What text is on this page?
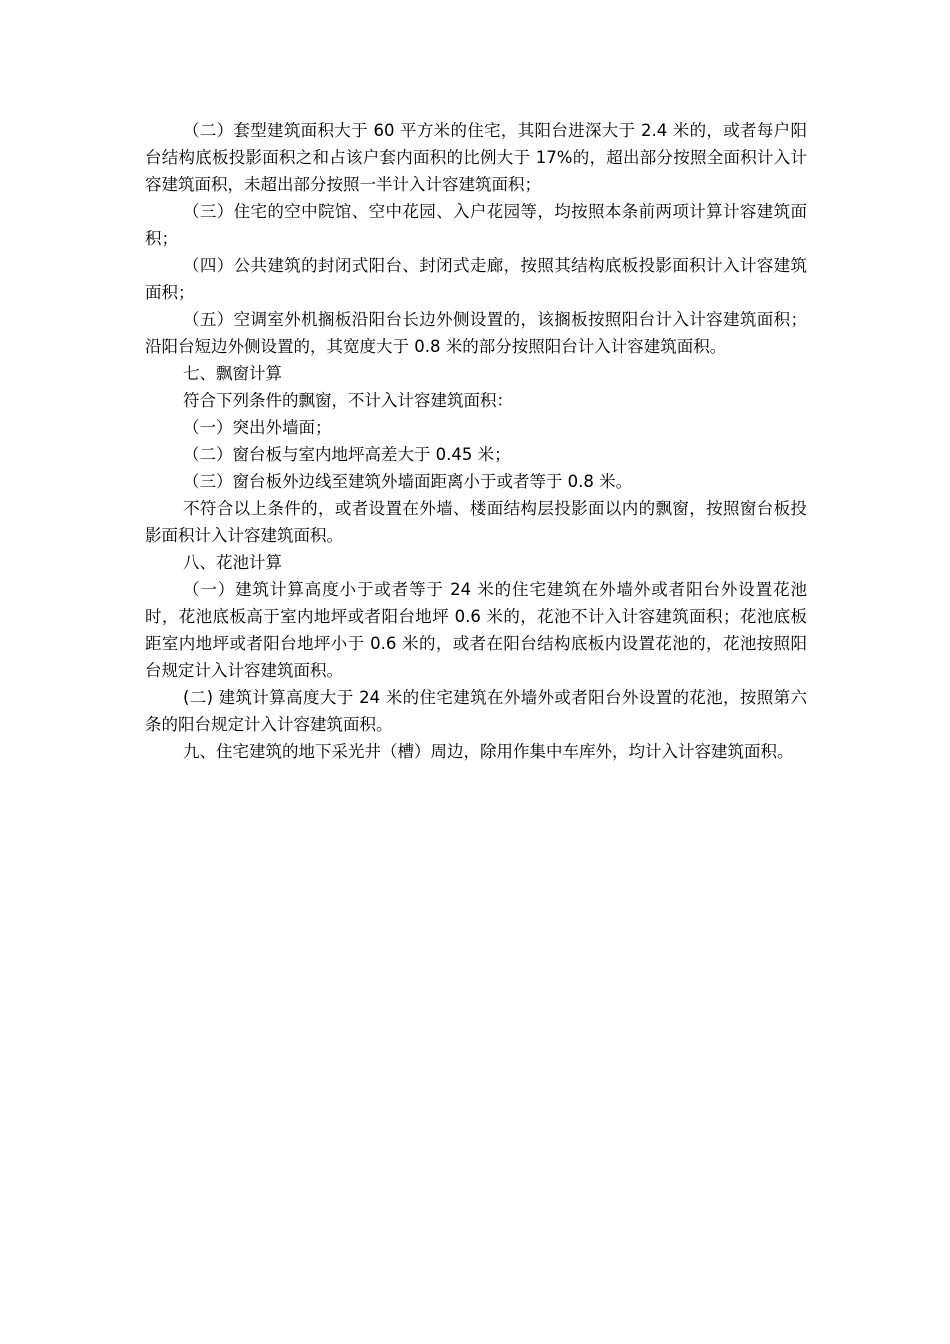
（二）套型建筑面积大于 60 平方米的住宅，其阳台进深大于 2.4 米的，或者每户阳台结构底板投影面积之和占该户套内面积的比例大于 17%的，超出部分按照全面积计入计容建筑面积，未超出部分按照一半计入计容建筑面积；

（三）住宅的空中院馆、空中花园、入户花园等，均按照本条前两项计算计容建筑面积；

（四）公共建筑的封闭式阳台、封闭式走廊，按照其结构底板投影面积计入计容建筑面积；

（五）空调室外机搁板沿阳台长边外侧设置的，该搁板按照阳台计入计容建筑面积；沿阳台短边外侧设置的，其宽度大于 0.8 米的部分按照阳台计入计容建筑面积。

七、飘窗计算

符合下列条件的飘窗，不计入计容建筑面积：

（一）突出外墙面；

（二）窗台板与室内地坪高差大于 0.45 米；

（三）窗台板外边线至建筑外墙面距离小于或者等于 0.8 米。

不符合以上条件的，或者设置在外墙、楼面结构层投影面以内的飘窗，按照窗台板投影面积计入计容建筑面积。

八、花池计算

（一）建筑计算高度小于或者等于 24 米的住宅建筑在外墙外或者阳台外设置花池时，花池底板高于室内地坪或者阳台地坪 0.6 米的，花池不计入计容建筑面积；花池底板距室内地坪或者阳台地坪小于 0.6 米的，或者在阳台结构底板内设置花池的，花池按照阳台规定计入计容建筑面积。

(二) 建筑计算高度大于 24 米的住宅建筑在外墙外或者阳台外设置的花池，按照第六条的阳台规定计入计容建筑面积。

九、住宅建筑的地下采光井（槽）周边，除用作集中车库外，均计入计容建筑面积。
